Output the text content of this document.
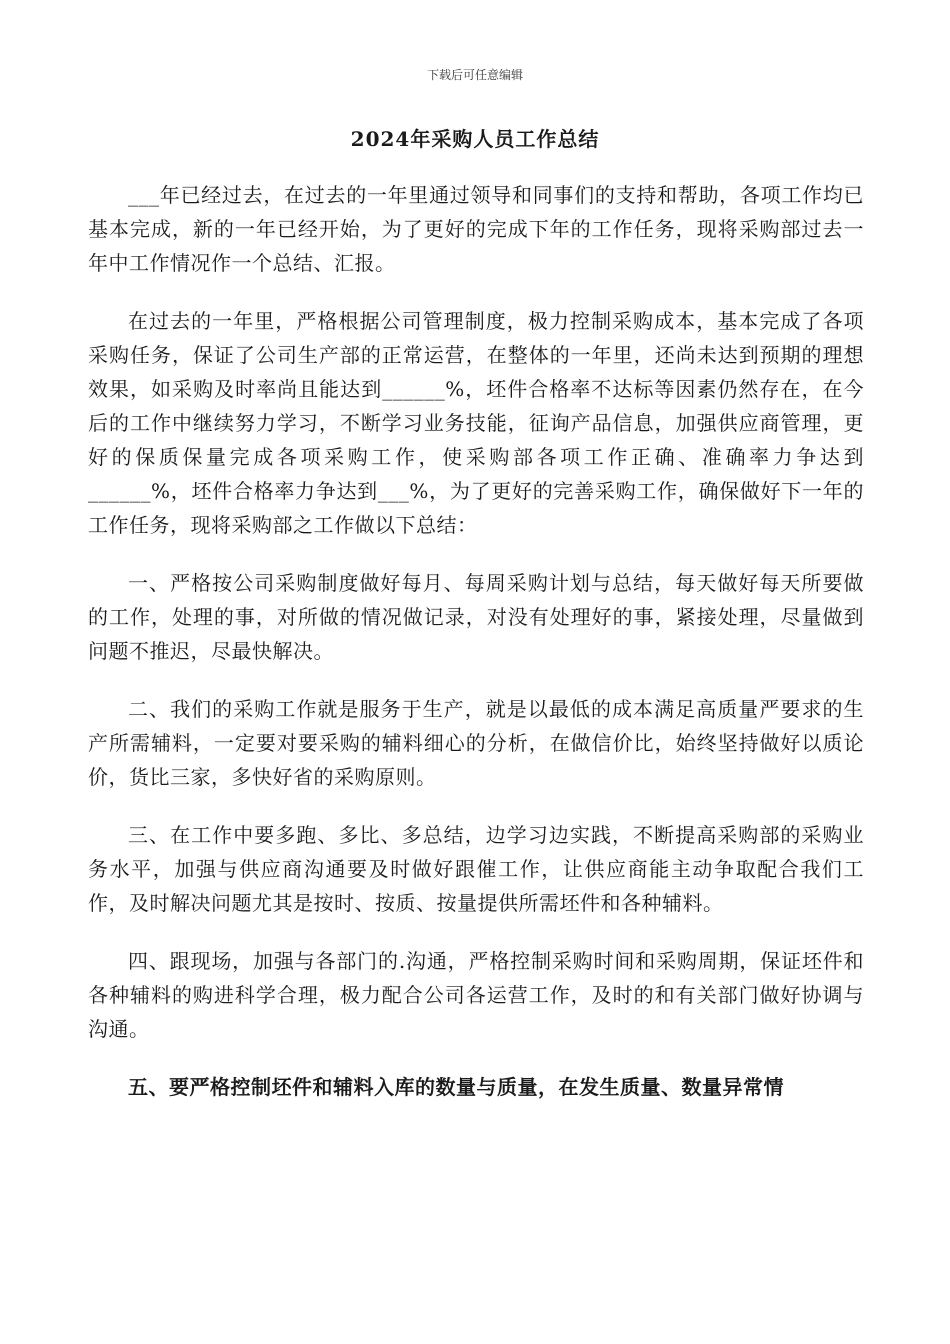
下载后可任意编辑
2024年采购人员工作总结

___年已经过去，在过去的一年里通过领导和同事们的支持和帮助，各项工作均已基本完成，新的一年已经开始，为了更好的完成下年的工作任务，现将采购部过去一年中工作情况作一个总结、汇报。

在过去的一年里，严格根据公司管理制度，极力控制采购成本，基本完成了各项采购任务，保证了公司生产部的正常运营，在整体的一年里，还尚未达到预期的理想效果，如采购及时率尚且能达到______%，坯件合格率不达标等因素仍然存在，在今后的工作中继续努力学习，不断学习业务技能，征询产品信息，加强供应商管理，更好的保质保量完成各项采购工作，使采购部各项工作正确、准确率力争达到______%，坯件合格率力争达到___%，为了更好的完善采购工作，确保做好下一年的工作任务，现将采购部之工作做以下总结：

一、严格按公司采购制度做好每月、每周采购计划与总结，每天做好每天所要做的工作，处理的事，对所做的情况做记录，对没有处理好的事，紧接处理，尽量做到问题不推迟，尽最快解决。

二、我们的采购工作就是服务于生产，就是以最低的成本满足高质量严要求的生产所需辅料，一定要对要采购的辅料细心的分析，在做信价比，始终坚持做好以质论价，货比三家，多快好省的采购原则。

三、在工作中要多跑、多比、多总结，边学习边实践，不断提高采购部的采购业务水平，加强与供应商沟通要及时做好跟催工作，让供应商能主动争取配合我们工作，及时解决问题尤其是按时、按质、按量提供所需坯件和各种辅料。

四、跟现场，加强与各部门的.沟通，严格控制采购时间和采购周期，保证坯件和各种辅料的购进科学合理，极力配合公司各运营工作，及时的和有关部门做好协调与沟通。

五、要严格控制坯件和辅料入库的数量与质量，在发生质量、数量异常情
